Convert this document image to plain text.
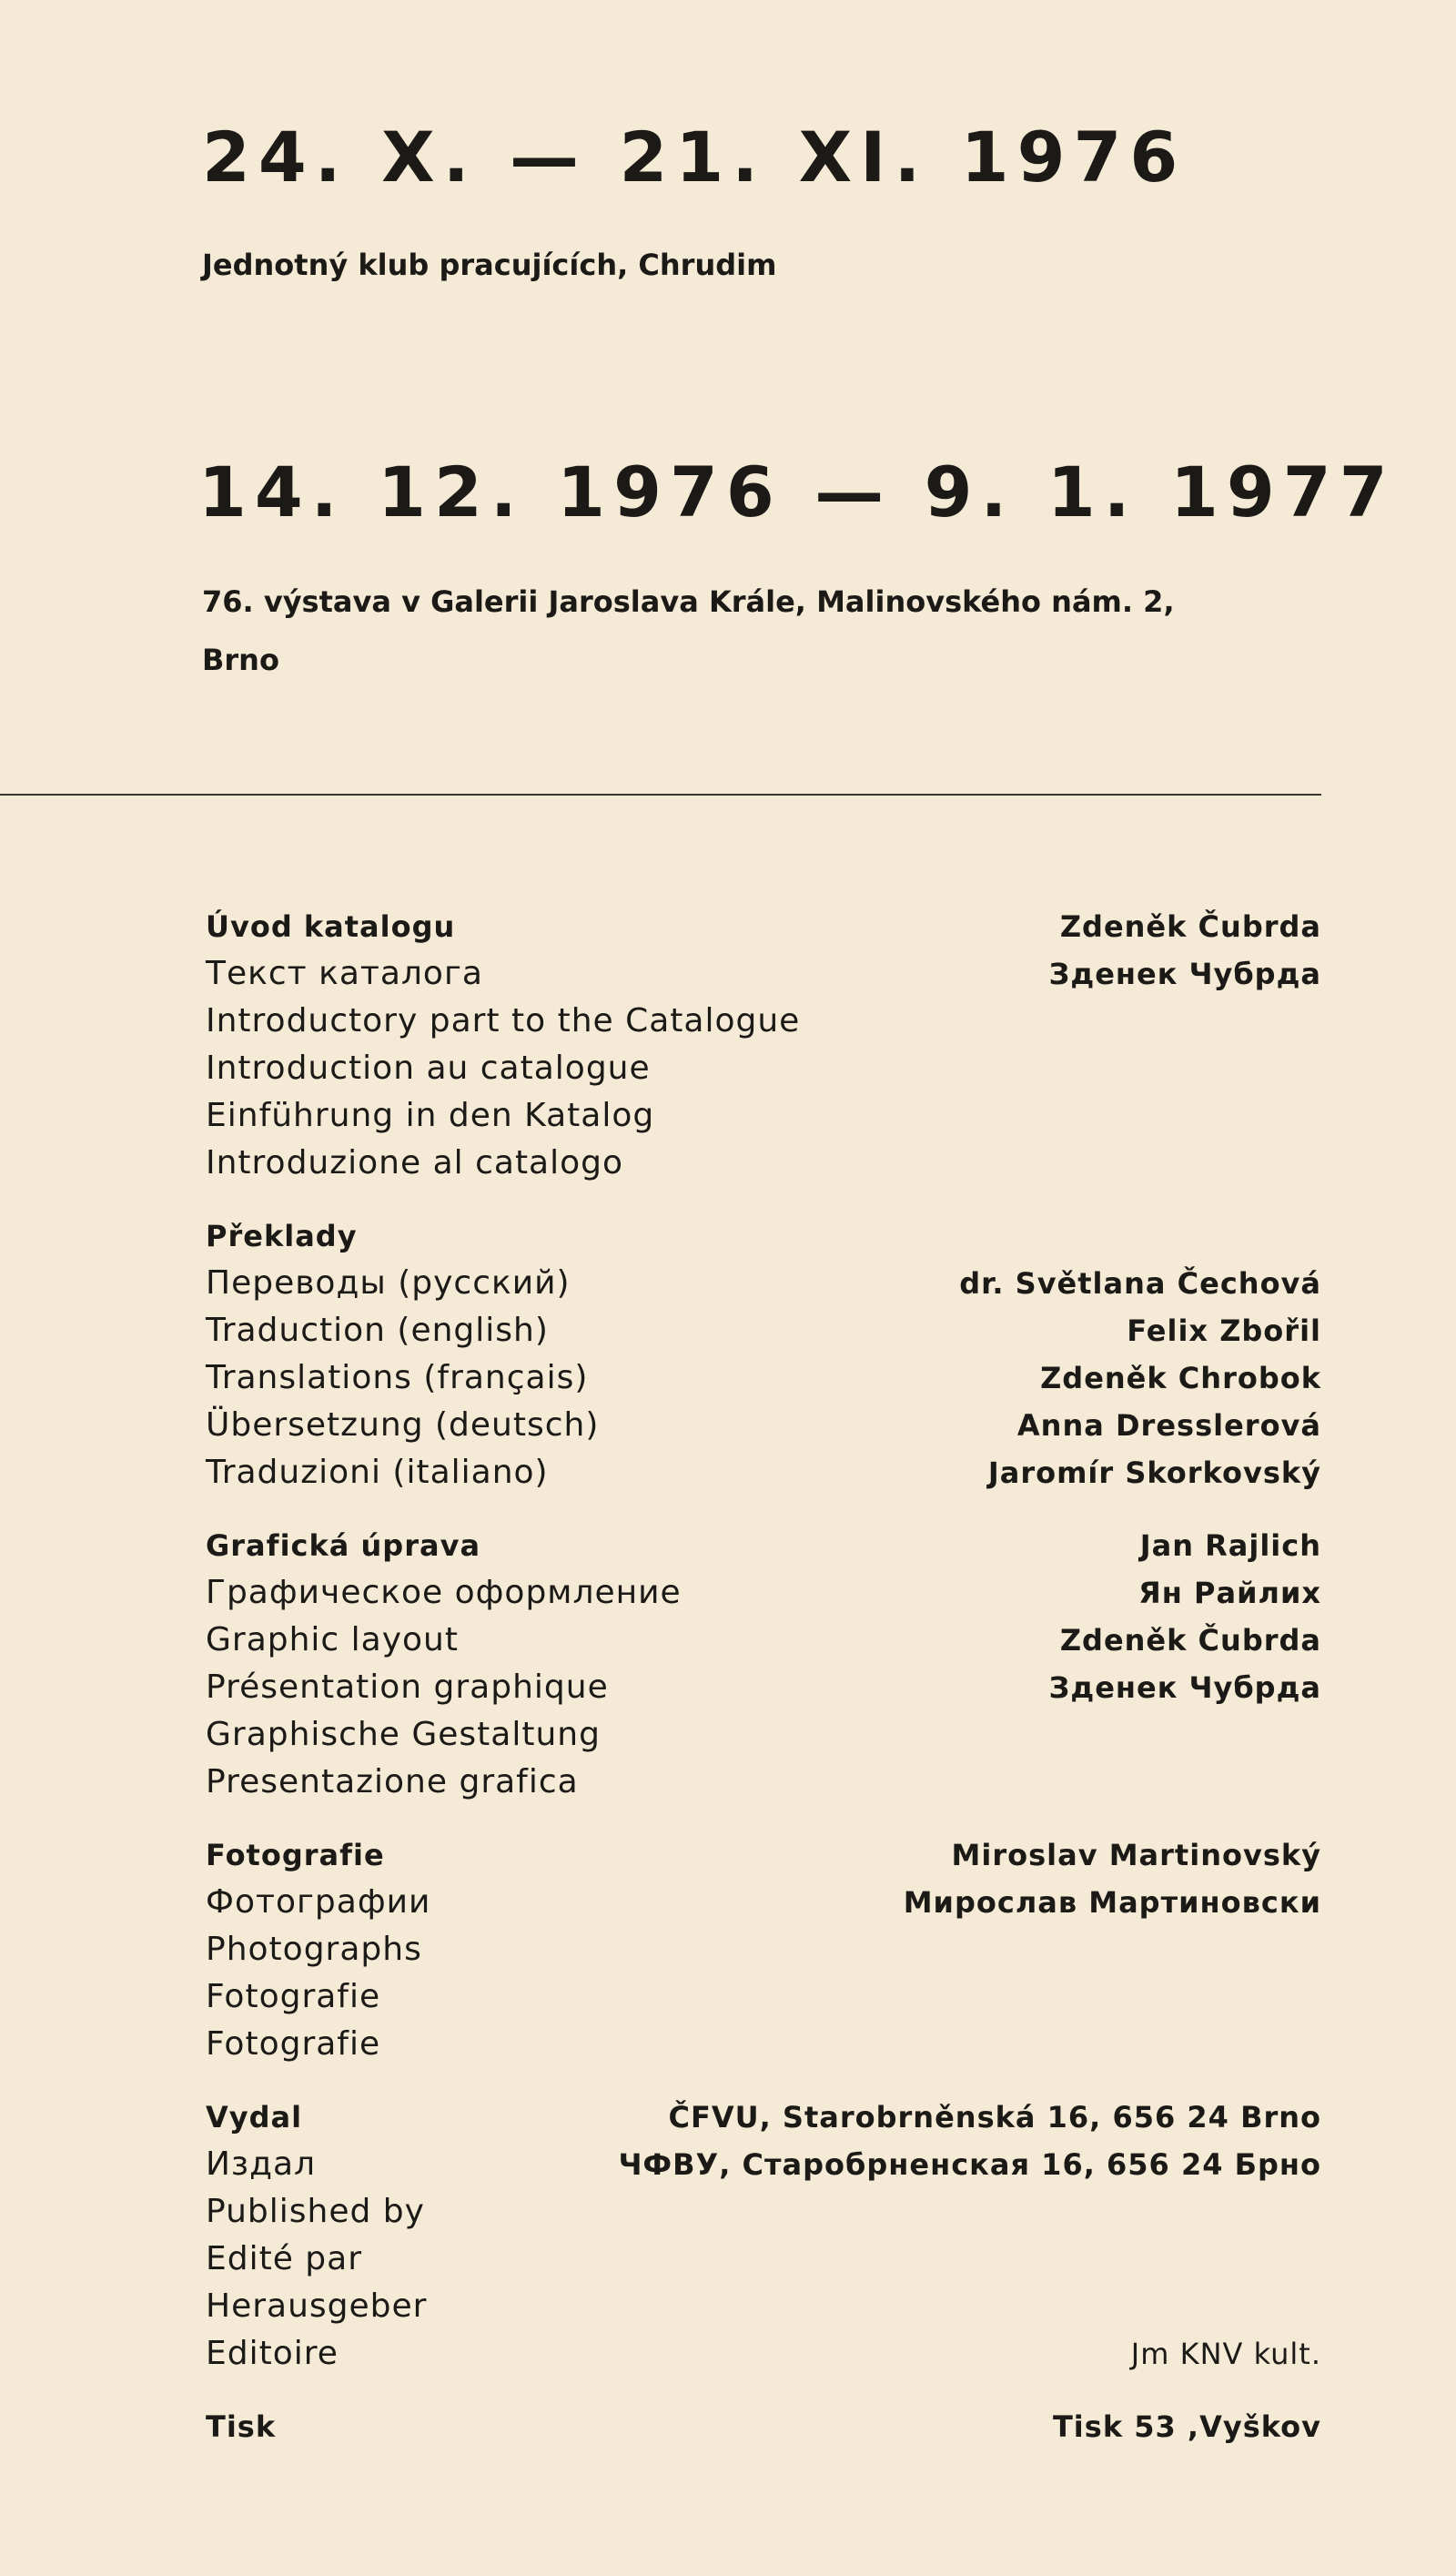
24. X. — 21. XI. 1976
Jednotný klub pracujících, Chrudim
14. 12. 1976 — 9. 1. 1977
76. výstava v Galerii Jaroslava Krále, Malinovského nám. 2,
Brno
Úvod katalogu	Zdeněk Čubrda
Текст каталога	Зденек Чубрда
Introductory part to the Catalogue
Introduction au catalogue
Einführung in den Katalog
Introduzione al catalogo
Překlady
Переводы (русский)	dr. Světlana Čechová
Traduction (english)	Felix Zbořil
Translations (français)	Zdeněk Chrobok
Übersetzung (deutsch)	Anna Dresslerová
Traduzioni (italiano)	Jaromír Skorkovský
Grafická úprava	Jan Rajlich
Графическое оформление	Ян Райлих
Graphic layout	Zdeněk Čubrda
Présentation graphique	Зденек Чубрда
Graphische Gestaltung
Presentazione grafica
Fotografie	Miroslav Martinovský
Фотографии	Мирослав Мартиновски
Photographs
Fotografie
Fotografie
Vydal	ČFVU, Starobrněnská 16, 656 24 Brno
Издал	ЧФВУ, Старобрненская 16, 656 24 Брно
Published by
Edité par
Herausgeber
Editoire	Jm KNV kult.
Tisk	Tisk 53 ,Vyškov
